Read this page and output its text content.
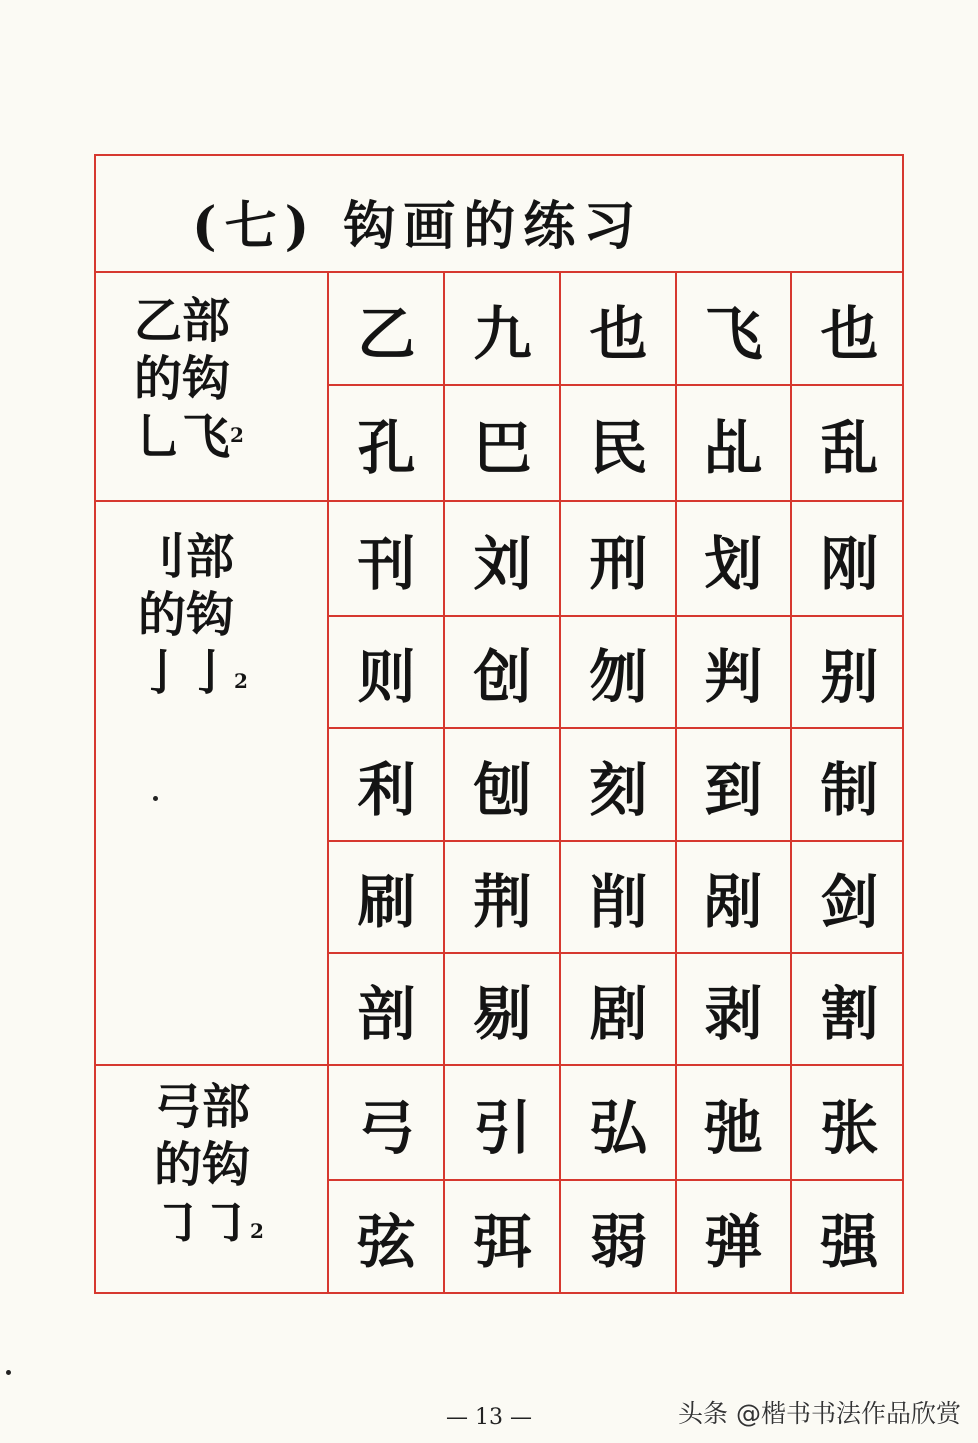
(七) 钩画的练习
乙部
的钩
乚飞$^2$
刂部
的钩
亅亅2
弓部
的钩
㇆㇆2
乙 九 也 飞 也
孔 巴 民 乩 乱
刊 刘 刑 划 刚
则 创 刎 判 别
利 刨 刻 到 制
刷 荆 削 剐 剑
剖 剔 剧 剥 割
弓 引 弘 弛 张
弦 弭 弱 弹 强
— 13 —	头条 @楷书书法作品欣赏
